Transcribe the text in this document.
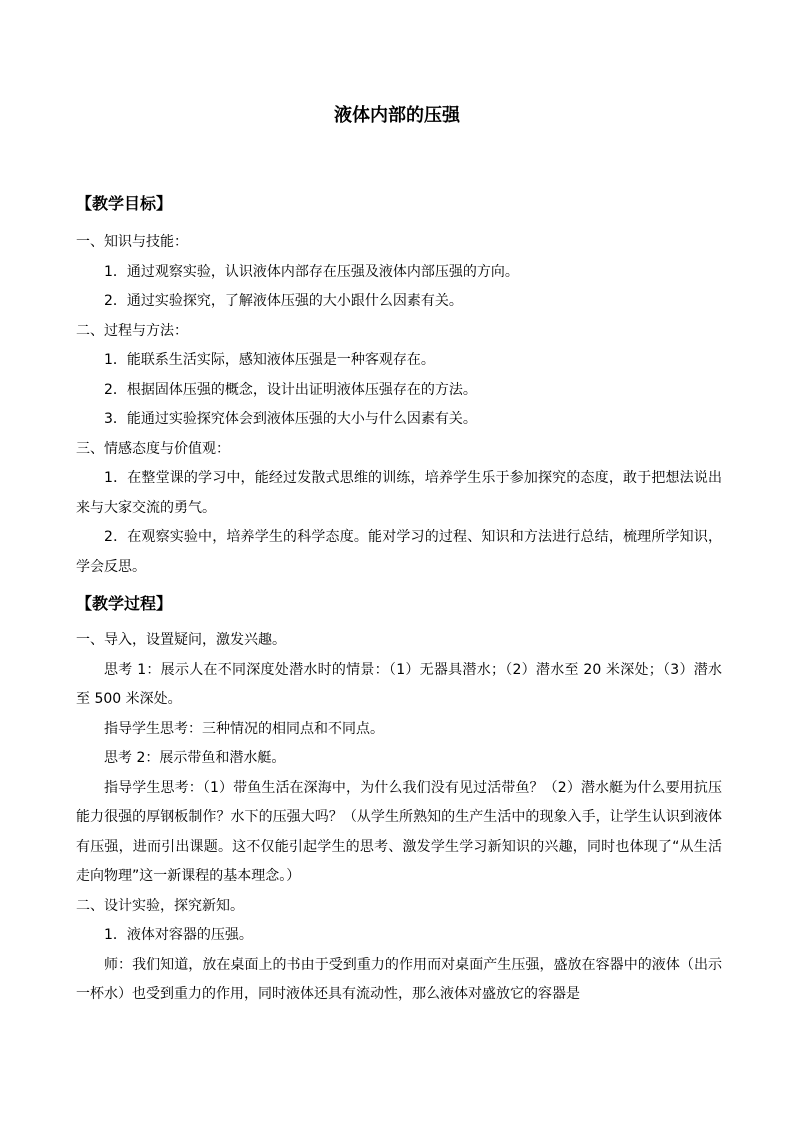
液体内部的压强
【教学目标】

一、知识与技能：

1．通过观察实验，认识液体内部存在压强及液体内部压强的方向。

2．通过实验探究，了解液体压强的大小跟什么因素有关。

二、过程与方法：

1．能联系生活实际，感知液体压强是一种客观存在。

2．根据固体压强的概念，设计出证明液体压强存在的方法。

3．能通过实验探究体会到液体压强的大小与什么因素有关。

三、情感态度与价值观：

1．在整堂课的学习中，能经过发散式思维的训练，培养学生乐于参加探究的态度，敢于把想法说出来与大家交流的勇气。

2．在观察实验中，培养学生的科学态度。能对学习的过程、知识和方法进行总结，梳理所学知识，学会反思。

【教学过程】

一、导入，设置疑问，激发兴趣。

思考 1：展示人在不同深度处潜水时的情景：（1）无器具潜水；（2）潜水至 20 米深处；（3）潜水至 500 米深处。

指导学生思考：三种情况的相同点和不同点。

思考 2：展示带鱼和潜水艇。

指导学生思考：（1）带鱼生活在深海中，为什么我们没有见过活带鱼？（2）潜水艇为什么要用抗压能力很强的厚钢板制作？水下的压强大吗？（从学生所熟知的生产生活中的现象入手，让学生认识到液体有压强，进而引出课题。这不仅能引起学生的思考、激发学生学习新知识的兴趣，同时也体现了“从生活走向物理”这一新课程的基本理念。）

二、设计实验，探究新知。

1．液体对容器的压强。

师：我们知道，放在桌面上的书由于受到重力的作用而对桌面产生压强，盛放在容器中的液体（出示一杯水）也受到重力的作用，同时液体还具有流动性，那么液体对盛放它的容器是
